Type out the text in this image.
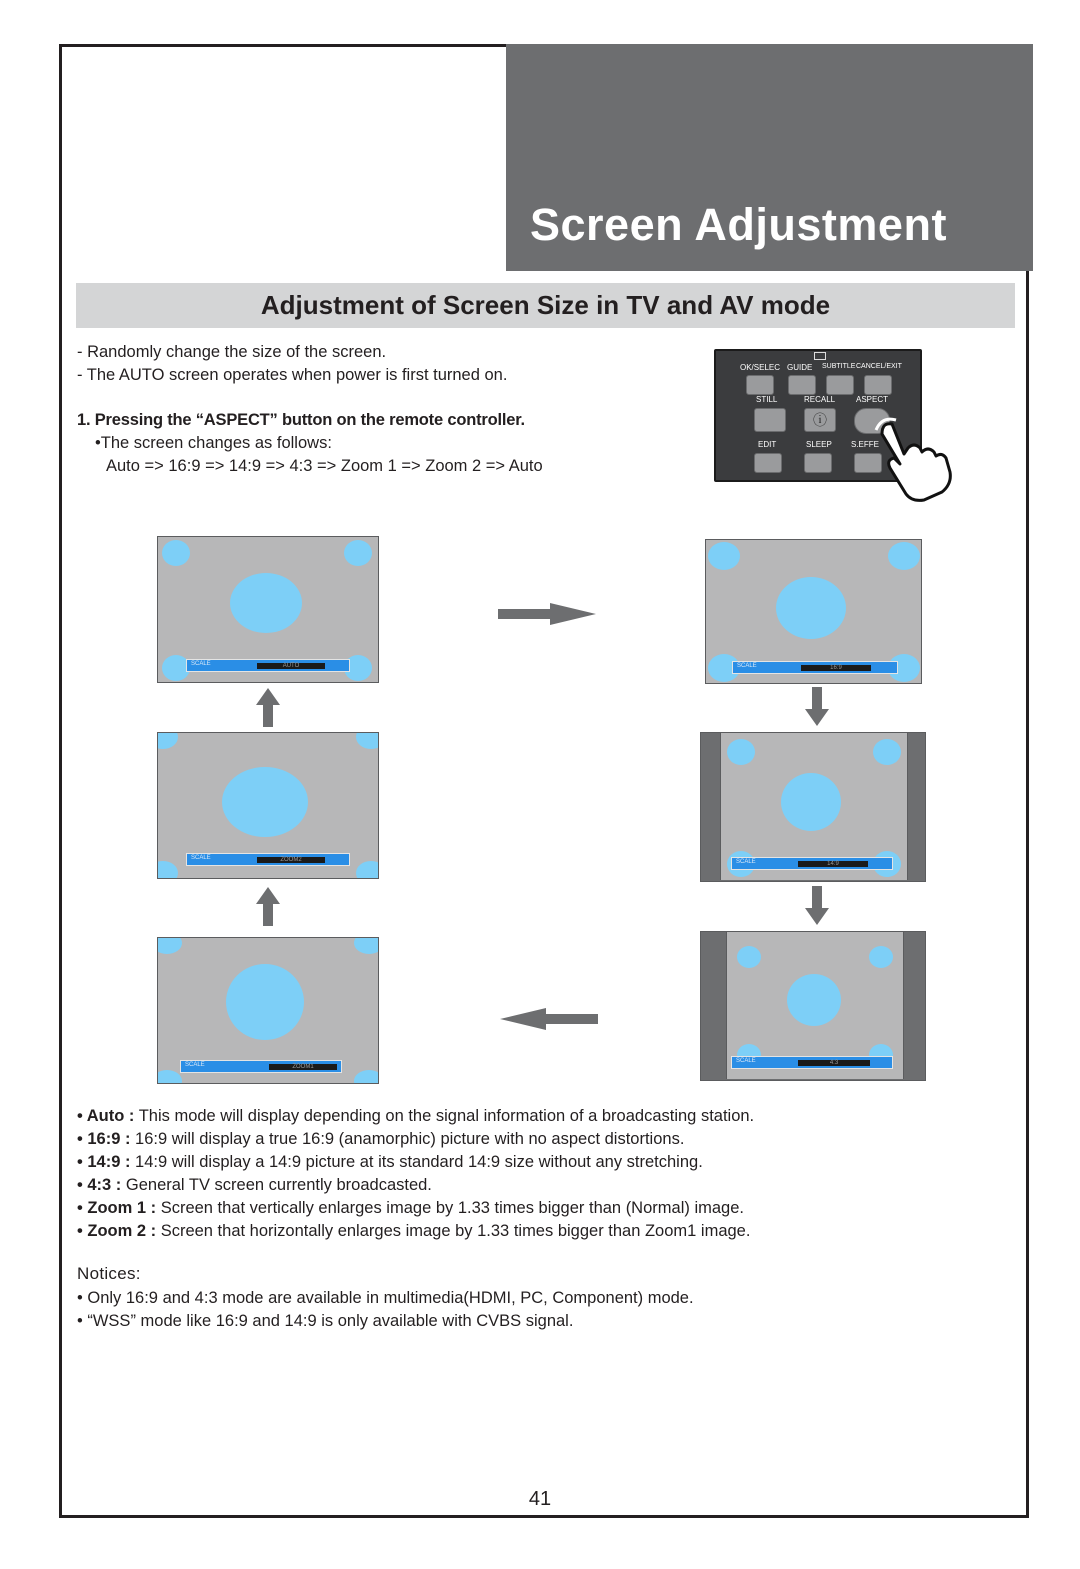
Screen Adjustment
Adjustment of Screen Size in TV and AV mode
- Randomly change the size of the screen.
- The AUTO screen operates when power is first turned on.
1. Pressing the “ASPECT” button on the remote controller.
•The screen changes as follows:
Auto => 16:9 => 14:9 => 4:3 => Zoom 1 => Zoom 2 => Auto
OK/SELEC GUIDE SUBTITLE CANCEL/EXIT
STILL	RECALL	ASPECT
ⓘ
EDIT	SLEEP S.EFFE
SCALE	AUTO	SCALE	16:9
SCALE	ZOOM2	SCALE	14:9
SCALE	ZOOM1
SCALE	4:3
• Auto : This mode will display depending on the signal information of a broadcasting station.
• 16:9 : 16:9 will display a true 16:9 (anamorphic) picture with no aspect distortions.
• 14:9 : 14:9 will display a 14:9 picture at its standard 14:9 size without any stretching.
• 4:3 : General TV screen currently broadcasted.
• Zoom 1 : Screen that vertically enlarges image by 1.33 times bigger than (Normal) image.
• Zoom 2 : Screen that horizontally enlarges image by 1.33 times bigger than Zoom1 image.
Notices:
• Only 16:9 and 4:3 mode are available in multimedia(HDMI, PC, Component) mode.
• “WSS” mode like 16:9 and 14:9 is only available with CVBS signal.
41
